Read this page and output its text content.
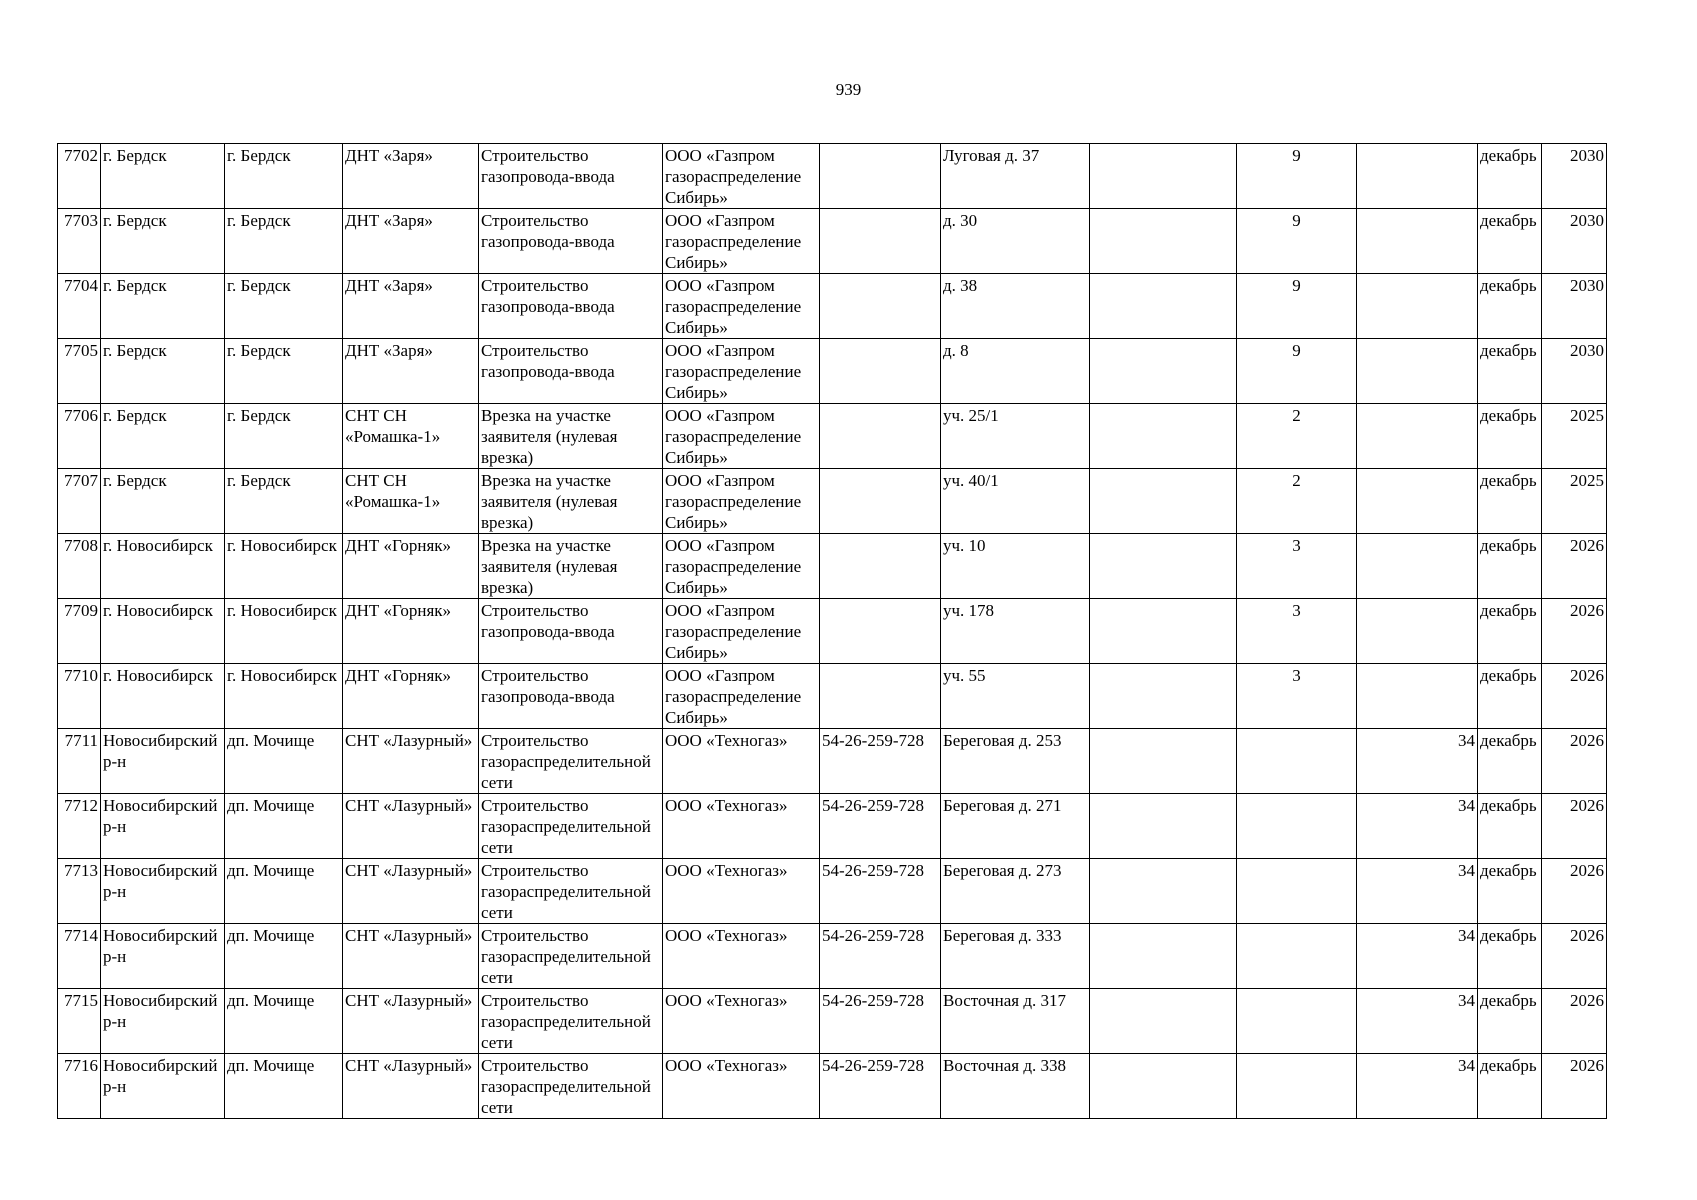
939
7702	г. Бердск	г. Бердск	ДНТ «Заря»	Строительство газопровода-ввода	ООО «Газпром газораспределение Сибирь»		Луговая д. 37		9		декабрь	2030
7703	г. Бердск	г. Бердск	ДНТ «Заря»	Строительство газопровода-ввода	ООО «Газпром газораспределение Сибирь»		д. 30		9		декабрь	2030
7704	г. Бердск	г. Бердск	ДНТ «Заря»	Строительство газопровода-ввода	ООО «Газпром газораспределение Сибирь»		д. 38		9		декабрь	2030
7705	г. Бердск	г. Бердск	ДНТ «Заря»	Строительство газопровода-ввода	ООО «Газпром газораспределение Сибирь»		д. 8		9		декабрь	2030
7706	г. Бердск	г. Бердск	СНТ СН «Ромашка-1»	Врезка на участке заявителя (нулевая врезка)	ООО «Газпром газораспределение Сибирь»		уч. 25/1		2		декабрь	2025
7707	г. Бердск	г. Бердск	СНТ СН «Ромашка-1»	Врезка на участке заявителя (нулевая врезка)	ООО «Газпром газораспределение Сибирь»		уч. 40/1		2		декабрь	2025
7708	г. Новосибирск	г. Новосибирск	ДНТ «Горняк»	Врезка на участке заявителя (нулевая врезка)	ООО «Газпром газораспределение Сибирь»		уч. 10		3		декабрь	2026
7709	г. Новосибирск	г. Новосибирск	ДНТ «Горняк»	Строительство газопровода-ввода	ООО «Газпром газораспределение Сибирь»		уч. 178		3		декабрь	2026
7710	г. Новосибирск	г. Новосибирск	ДНТ «Горняк»	Строительство газопровода-ввода	ООО «Газпром газораспределение Сибирь»		уч. 55		3		декабрь	2026
7711	Новосибирский р-н	дп. Мочище	СНТ «Лазурный»	Строительство газораспределительной сети	ООО «Техногаз»	54-26-259-728	Береговая д. 253			34	декабрь	2026
7712	Новосибирский р-н	дп. Мочище	СНТ «Лазурный»	Строительство газораспределительной сети	ООО «Техногаз»	54-26-259-728	Береговая д. 271			34	декабрь	2026
7713	Новосибирский р-н	дп. Мочище	СНТ «Лазурный»	Строительство газораспределительной сети	ООО «Техногаз»	54-26-259-728	Береговая д. 273			34	декабрь	2026
7714	Новосибирский р-н	дп. Мочище	СНТ «Лазурный»	Строительство газораспределительной сети	ООО «Техногаз»	54-26-259-728	Береговая д. 333			34	декабрь	2026
7715	Новосибирский р-н	дп. Мочище	СНТ «Лазурный»	Строительство газораспределительной сети	ООО «Техногаз»	54-26-259-728	Восточная д. 317			34	декабрь	2026
7716	Новосибирский р-н	дп. Мочище	СНТ «Лазурный»	Строительство газораспределительной сети	ООО «Техногаз»	54-26-259-728	Восточная д. 338			34	декабрь	2026
